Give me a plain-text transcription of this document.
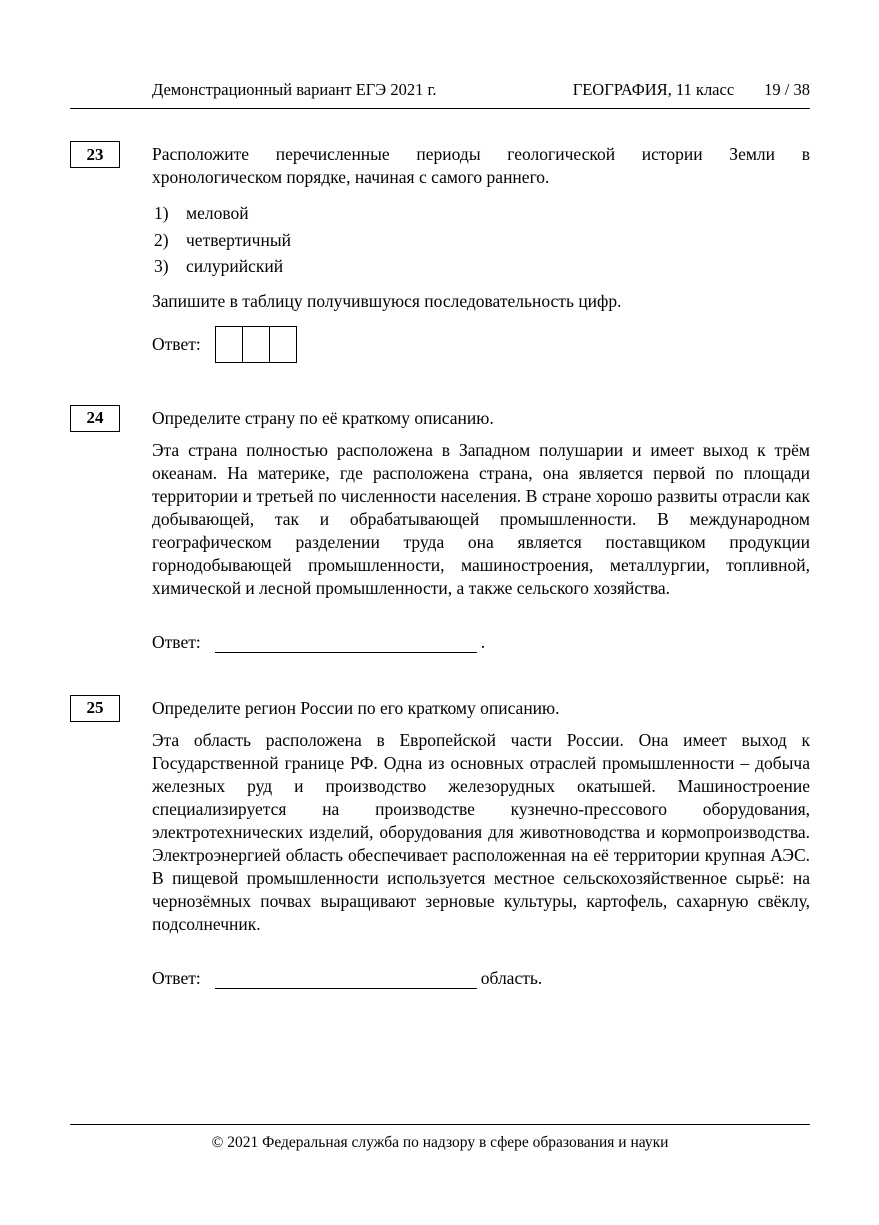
Демонстрационный вариант ЕГЭ 2021 г.	ГЕОГРАФИЯ, 11 класс 19 / 38
23	Расположите перечисленные периоды геологической истории Земли в хронологическом порядке, начиная с самого раннего.

1) меловой
2) четвертичный
3) силурийский

Запишите в таблицу получившуюся последовательность цифр.

Ответ:
24	Определите страну по её краткому описанию.

Эта страна полностью расположена в Западном полушарии и имеет выход к трём океанам. На материке, где расположена страна, она является первой по площади территории и третьей по численности населения. В стране хорошо развиты отрасли как добывающей, так и обрабатывающей промышленности. В международном географическом разделении труда она является поставщиком продукции горнодобывающей промышленности, машиностроения, металлургии, топливной, химической и лесной промышленности, а также сельского хозяйства.

Ответ:	.
25	Определите регион России по его краткому описанию.

Эта область расположена в Европейской части России. Она имеет выход к Государственной границе РФ. Одна из основных отраслей промышленности – добыча железных руд и производство железорудных окатышей. Машиностроение специализируется на производстве кузнечно-прессового оборудования, электротехнических изделий, оборудования для животноводства и кормопроизводства. Электроэнергией область обеспечивает расположенная на её территории крупная АЭС. В пищевой промышленности используется местное сельскохозяйственное сырьё: на чернозёмных почвах выращивают зерновые культуры, картофель, сахарную свёклу, подсолнечник.

Ответ:	область.

© 2021 Федеральная служба по надзору в сфере образования и науки
